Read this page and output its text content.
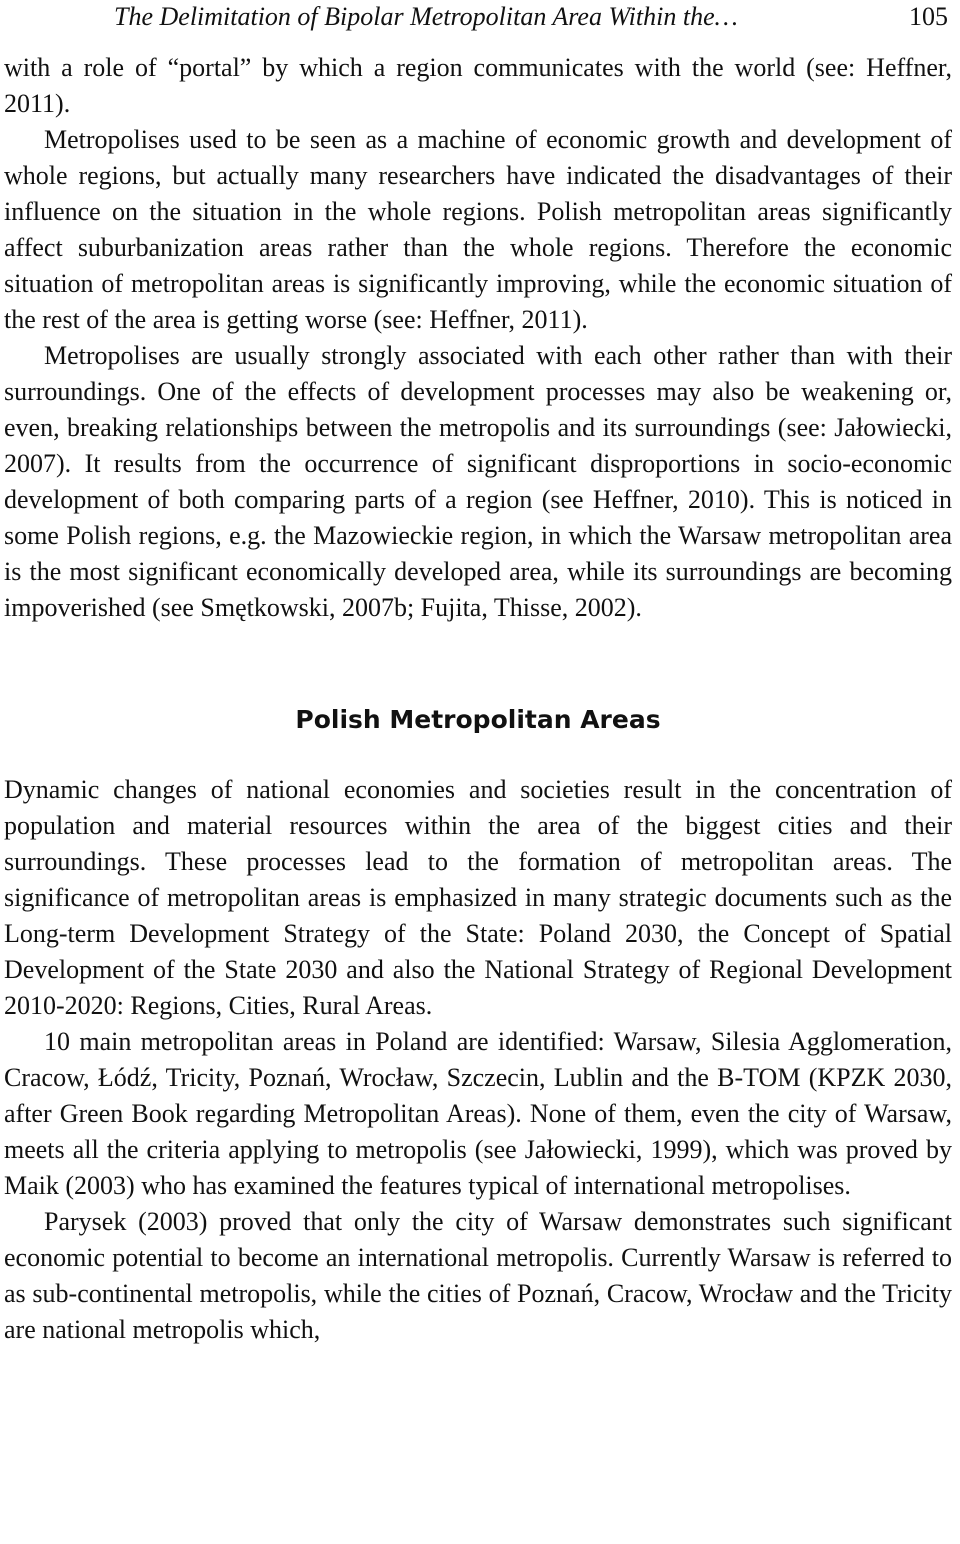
The Delimitation of Bipolar Metropolitan Area Within the…	105

with a role of “portal” by which a region communicates with the world (see: Heffner, 2011).

Metropolises used to be seen as a machine of economic growth and development of whole regions, but actually many researchers have indicated the disadvantages of their influence on the situation in the whole regions. Polish metropolitan areas significantly affect suburbanization areas rather than the whole regions. Therefore the economic situation of metropolitan areas is significantly improving, while the economic situation of the rest of the area is getting worse (see: Heffner, 2011).

Metropolises are usually strongly associated with each other rather than with their surroundings. One of the effects of development processes may also be weakening or, even, breaking relationships between the metropolis and its surroundings (see: Jałowiecki, 2007). It results from the occurrence of significant disproportions in socio-economic development of both comparing parts of a region (see Heffner, 2010). This is noticed in some Polish regions, e.g. the Mazowieckie region, in which the Warsaw metropolitan area is the most significant economically developed area, while its surroundings are becoming impoverished (see Smętkowski, 2007b; Fujita, Thisse, 2002).

Polish Metropolitan Areas

Dynamic changes of national economies and societies result in the concentration of population and material resources within the area of the biggest cities and their surroundings. These processes lead to the formation of metropolitan areas. The significance of metropolitan areas is emphasized in many strategic documents such as the Long-term Development Strategy of the State: Poland 2030, the Concept of Spatial Development of the State 2030 and also the National Strategy of Regional Development 2010-2020: Regions, Cities, Rural Areas.

10 main metropolitan areas in Poland are identified: Warsaw, Silesia Agglomeration, Cracow, Łódź, Tricity, Poznań, Wrocław, Szczecin, Lublin and the B-TOM (KPZK 2030, after Green Book regarding Metropolitan Areas). None of them, even the city of Warsaw, meets all the criteria applying to metropolis (see Jałowiecki, 1999), which was proved by Maik (2003) who has examined the features typical of international metropolises.

Parysek (2003) proved that only the city of Warsaw demonstrates such significant economic potential to become an international metropolis. Currently Warsaw is referred to as sub-continental metropolis, while the cities of Poznań, Cracow, Wrocław and the Tricity are national metropolis which,
